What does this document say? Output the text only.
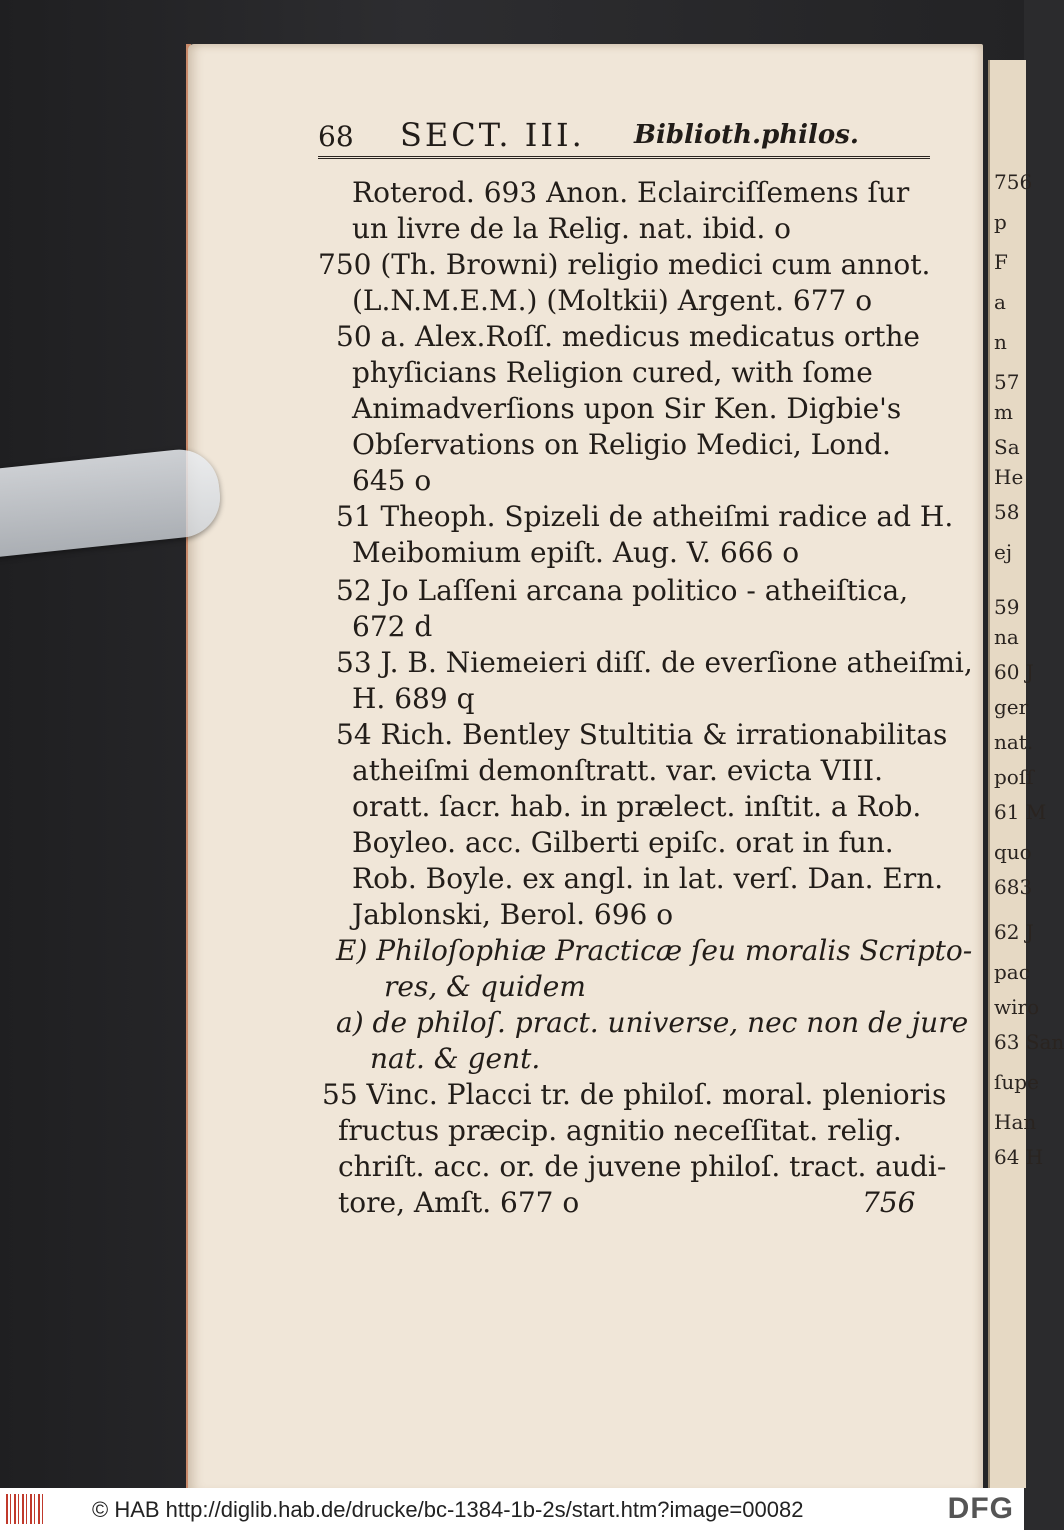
68 SECT. III. Biblioth.philos.
Roterod. 693 Anon. Eclairciſſemens ſur
un livre de la Relig. nat. ibid. o
750 (Th. Browni) religio medici cum annot.
(L.N.M.E.M.) (Moltkii) Argent. 677 o
50 a. Alex.Roſſ. medicus medicatus orthe
phyſicians Religion cured, with ſome
Animadverſions upon Sir Ken. Digbie's
Obſervations on Religio Medici, Lond.
645 o
51 Theoph. Spizeli de atheiſmi radice ad H.
Meibomium epiſt. Aug. V. 666 o
52 Jo Laſſeni arcana politico - atheiſtica,
672 d
53 J. B. Niemeieri diſſ. de everſione atheiſmi,
H. 689 q
54 Rich. Bentley Stultitia & irrationabilitas
atheiſmi demonſtratt. var. evicta VIII.
oratt. ſacr. hab. in prælect. inſtit. a Rob.
Boyleo. acc. Gilberti epiſc. orat in fun.
Rob. Boyle. ex angl. in lat. verſ. Dan. Ern.
Jablonski, Berol. 696 o
E) Philoſophiæ Practicæ ſeu moralis Scripto-
res, & quidem
a) de philoſ. pract. universe, nec non de jure
nat. & gent.
55 Vinc. Placci tr. de philoſ. moral. plenioris
fructus præcip. agnitio neceſſitat. relig.
chriſt. acc. or. de juvene philoſ. tract. audi-
tore, Amſt. 677 o	756
756
p
F
a
n
57
m
Sa
He
58
ej
59
na
60 J
ger
nat.
poſſ
61 M
quo
683
62 J
pac
wiro
63 San
ſupe
Han
64 H
© HAB http://diglib.hab.de/drucke/bc-1384-1b-2s/start.htm?image=00082	DFG
